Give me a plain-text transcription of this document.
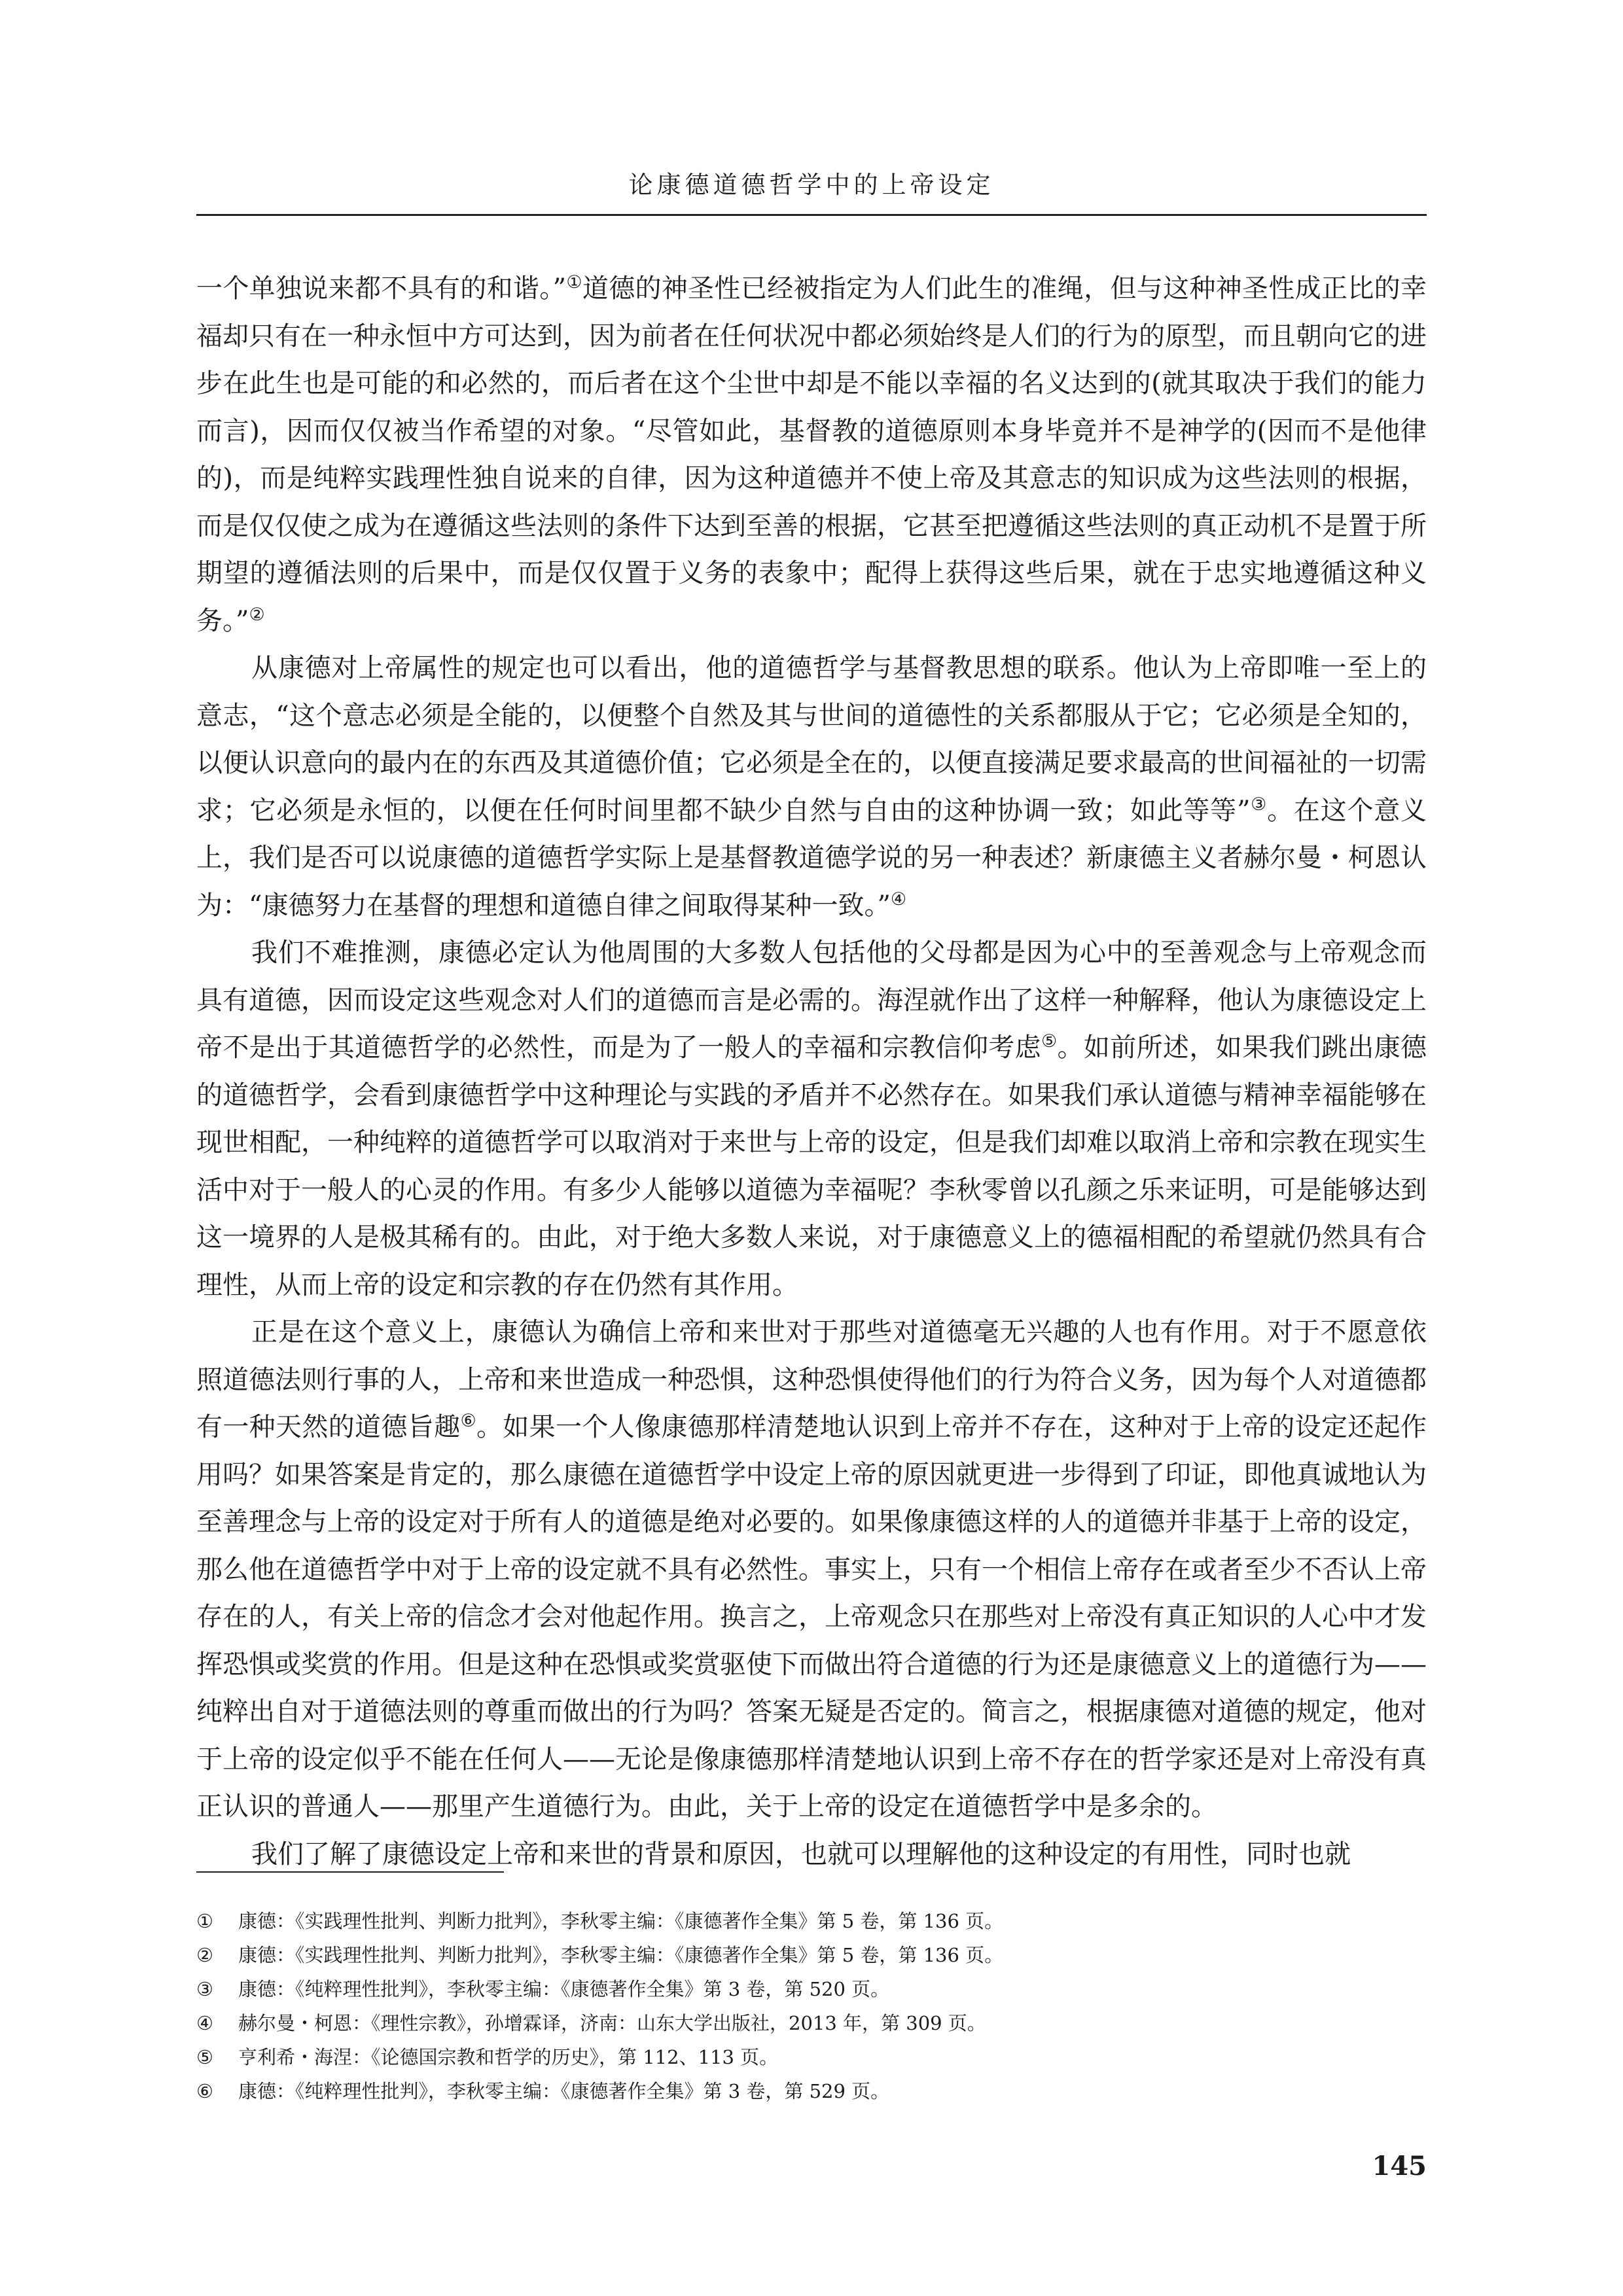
论康德道德哲学中的上帝设定

一个单独说来都不具有的和谐。”①道德的神圣性已经被指定为人们此生的准绳，但与这种神圣性成正比的幸福却只有在一种永恒中方可达到，因为前者在任何状况中都必须始终是人们的行为的原型，而且朝向它的进步在此生也是可能的和必然的，而后者在这个尘世中却是不能以幸福的名义达到的(就其取决于我们的能力而言)，因而仅仅被当作希望的对象。“尽管如此，基督教的道德原则本身毕竟并不是神学的(因而不是他律的)，而是纯粹实践理性独自说来的自律，因为这种道德并不使上帝及其意志的知识成为这些法则的根据，而是仅仅使之成为在遵循这些法则的条件下达到至善的根据，它甚至把遵循这些法则的真正动机不是置于所期望的遵循法则的后果中，而是仅仅置于义务的表象中；配得上获得这些后果，就在于忠实地遵循这种义务。”②

从康德对上帝属性的规定也可以看出，他的道德哲学与基督教思想的联系。他认为上帝即唯一至上的意志，“这个意志必须是全能的，以便整个自然及其与世间的道德性的关系都服从于它；它必须是全知的，以便认识意向的最内在的东西及其道德价值；它必须是全在的，以便直接满足要求最高的世间福祉的一切需求；它必须是永恒的，以便在任何时间里都不缺少自然与自由的这种协调一致；如此等等”③。在这个意义上，我们是否可以说康德的道德哲学实际上是基督教道德学说的另一种表述？新康德主义者赫尔曼・柯恩认为：“康德努力在基督的理想和道德自律之间取得某种一致。”④

我们不难推测，康德必定认为他周围的大多数人包括他的父母都是因为心中的至善观念与上帝观念而具有道德，因而设定这些观念对人们的道德而言是必需的。海涅就作出了这样一种解释，他认为康德设定上帝不是出于其道德哲学的必然性，而是为了一般人的幸福和宗教信仰考虑⑤。如前所述，如果我们跳出康德的道德哲学，会看到康德哲学中这种理论与实践的矛盾并不必然存在。如果我们承认道德与精神幸福能够在现世相配，一种纯粹的道德哲学可以取消对于来世与上帝的设定，但是我们却难以取消上帝和宗教在现实生活中对于一般人的心灵的作用。有多少人能够以道德为幸福呢？李秋零曾以孔颜之乐来证明，可是能够达到这一境界的人是极其稀有的。由此，对于绝大多数人来说，对于康德意义上的德福相配的希望就仍然具有合理性，从而上帝的设定和宗教的存在仍然有其作用。

正是在这个意义上，康德认为确信上帝和来世对于那些对道德毫无兴趣的人也有作用。对于不愿意依照道德法则行事的人，上帝和来世造成一种恐惧，这种恐惧使得他们的行为符合义务，因为每个人对道德都有一种天然的道德旨趣⑥。如果一个人像康德那样清楚地认识到上帝并不存在，这种对于上帝的设定还起作用吗？如果答案是肯定的，那么康德在道德哲学中设定上帝的原因就更进一步得到了印证，即他真诚地认为至善理念与上帝的设定对于所有人的道德是绝对必要的。如果像康德这样的人的道德并非基于上帝的设定，那么他在道德哲学中对于上帝的设定就不具有必然性。事实上，只有一个相信上帝存在或者至少不否认上帝存在的人，有关上帝的信念才会对他起作用。换言之，上帝观念只在那些对上帝没有真正知识的人心中才发挥恐惧或奖赏的作用。但是这种在恐惧或奖赏驱使下而做出符合道德的行为还是康德意义上的道德行为——纯粹出自对于道德法则的尊重而做出的行为吗？答案无疑是否定的。简言之，根据康德对道德的规定，他对于上帝的设定似乎不能在任何人——无论是像康德那样清楚地认识到上帝不存在的哲学家还是对上帝没有真正认识的普通人——那里产生道德行为。由此，关于上帝的设定在道德哲学中是多余的。

我们了解了康德设定上帝和来世的背景和原因，也就可以理解他的这种设定的有用性，同时也就

①	康德：《实践理性批判、判断力批判》，李秋零主编：《康德著作全集》第 5 卷，第 136 页。
②	康德：《实践理性批判、判断力批判》，李秋零主编：《康德著作全集》第 5 卷，第 136 页。
③	康德：《纯粹理性批判》，李秋零主编：《康德著作全集》第 3 卷，第 520 页。
④	赫尔曼・柯恩：《理性宗教》，孙增霖译，济南：山东大学出版社，2013 年，第 309 页。
⑤	亨利希・海涅：《论德国宗教和哲学的历史》，第 112、113 页。
⑥	康德：《纯粹理性批判》，李秋零主编：《康德著作全集》第 3 卷，第 529 页。
145
